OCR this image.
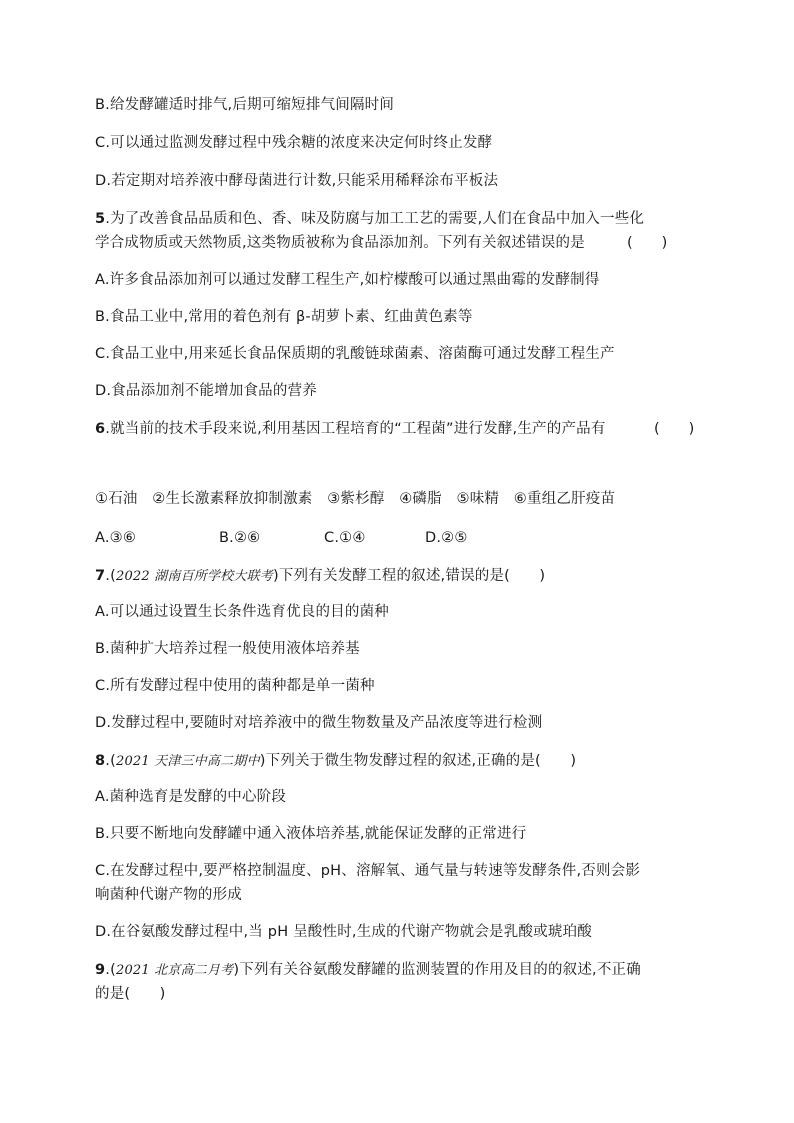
B.给发酵罐适时排气,后期可缩短排气间隔时间
C.可以通过监测发酵过程中残余糖的浓度来决定何时终止发酵
D.若定期对培养液中酵母菌进行计数,只能采用稀释涂布平板法
5.为了改善食品品质和色、香、味及防腐与加工工艺的需要,人们在食品中加入一些化
学合成物质或天然物质,这类物质被称为食品添加剂。下列有关叙述错误的是	(　　)
A.许多食品添加剂可以通过发酵工程生产,如柠檬酸可以通过黑曲霉的发酵制得
B.食品工业中,常用的着色剂有 β-胡萝卜素、红曲黄色素等
C.食品工业中,用来延长食品保质期的乳酸链球菌素、溶菌酶可通过发酵工程生产
D.食品添加剂不能增加食品的营养
6.就当前的技术手段来说,利用基因工程培育的“工程菌”进行发酵,生产的产品有	(　　)
①石油　②生长激素释放抑制激素　③紫杉醇　④磷脂　⑤味精　⑥重组乙肝疫苗
A.③⑥	B.②⑥	C.①④	D.②⑤
7.(2022 湖南百所学校大联考)下列有关发酵工程的叙述,错误的是(　　)
A.可以通过设置生长条件选育优良的目的菌种
B.菌种扩大培养过程一般使用液体培养基
C.所有发酵过程中使用的菌种都是单一菌种
D.发酵过程中,要随时对培养液中的微生物数量及产品浓度等进行检测
8.(2021 天津三中高二期中)下列关于微生物发酵过程的叙述,正确的是(　　)
A.菌种选育是发酵的中心阶段
B.只要不断地向发酵罐中通入液体培养基,就能保证发酵的正常进行
C.在发酵过程中,要严格控制温度、pH、溶解氧、通气量与转速等发酵条件,否则会影
响菌种代谢产物的形成
D.在谷氨酸发酵过程中,当 pH 呈酸性时,生成的代谢产物就会是乳酸或琥珀酸
9.(2021 北京高二月考)下列有关谷氨酸发酵罐的监测装置的作用及目的的叙述,不正确
的是(　　)
